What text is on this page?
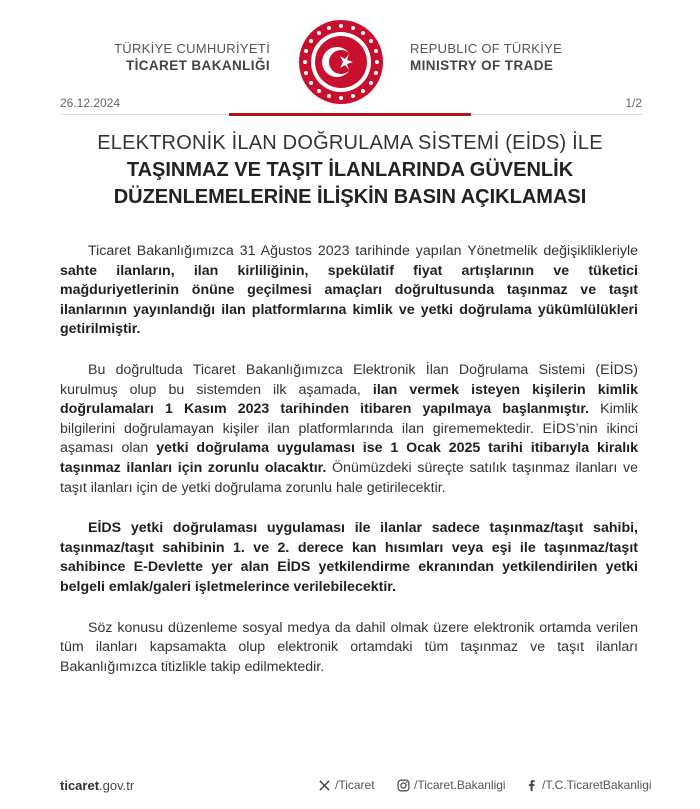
TÜRKİYE CUMHURİYETİ
TİCARET BAKANLIĞI
REPUBLIC OF TÜRKİYE
MINISTRY OF TRADE
26.12.2024	1/2
ELEKTRONİK İLAN DOĞRULAMA SİSTEMİ (EİDS) İLE
TAŞINMAZ VE TAŞIT İLANLARINDA GÜVENLİK
DÜZENLEMELERİNE İLİŞKİN BASIN AÇIKLAMASI

Ticaret Bakanlığımızca 31 Ağustos 2023 tarihinde yapılan Yönetmelik değişiklikleriyle sahte ilanların, ilan kirliliğinin, spekülatif fiyat artışlarının ve tüketici mağduriyetlerinin önüne geçilmesi amaçları doğrultusunda taşınmaz ve taşıt ilanlarının yayınlandığı ilan platformlarına kimlik ve yetki doğrulama yükümlülükleri getirilmiştir.

Bu doğrultuda Ticaret Bakanlığımızca Elektronik İlan Doğrulama Sistemi (EİDS) kurulmuş olup bu sistemden ilk aşamada, ilan vermek isteyen kişilerin kimlik doğrulamaları 1 Kasım 2023 tarihinden itibaren yapılmaya başlanmıştır. Kimlik bilgilerini doğrulamayan kişiler ilan platformlarında ilan girememektedir. EİDS’nin ikinci aşaması olan yetki doğrulama uygulaması ise 1 Ocak 2025 tarihi itibarıyla kiralık taşınmaz ilanları için zorunlu olacaktır. Önümüzdeki süreçte satılık taşınmaz ilanları ve taşıt ilanları için de yetki doğrulama zorunlu hale getirilecektir.

EİDS yetki doğrulaması uygulaması ile ilanlar sadece taşınmaz/taşıt sahibi, taşınmaz/taşıt sahibinin 1. ve 2. derece kan hısımları veya eşi ile taşınmaz/taşıt sahibince E-Devlette yer alan EİDS yetkilendirme ekranından yetkilendirilen yetki belgeli emlak/galeri işletmelerince verilebilecektir.

Söz konusu düzenleme sosyal medya da dahil olmak üzere elektronik ortamda verilen tüm ilanları kapsamakta olup elektronik ortamdaki tüm taşınmaz ve taşıt ilanları Bakanlığımızca titizlikle takip edilmektedir.

ticaret.gov.tr	/Ticaret	/Ticaret.Bakanligi	/T.C.TicaretBakanligi
